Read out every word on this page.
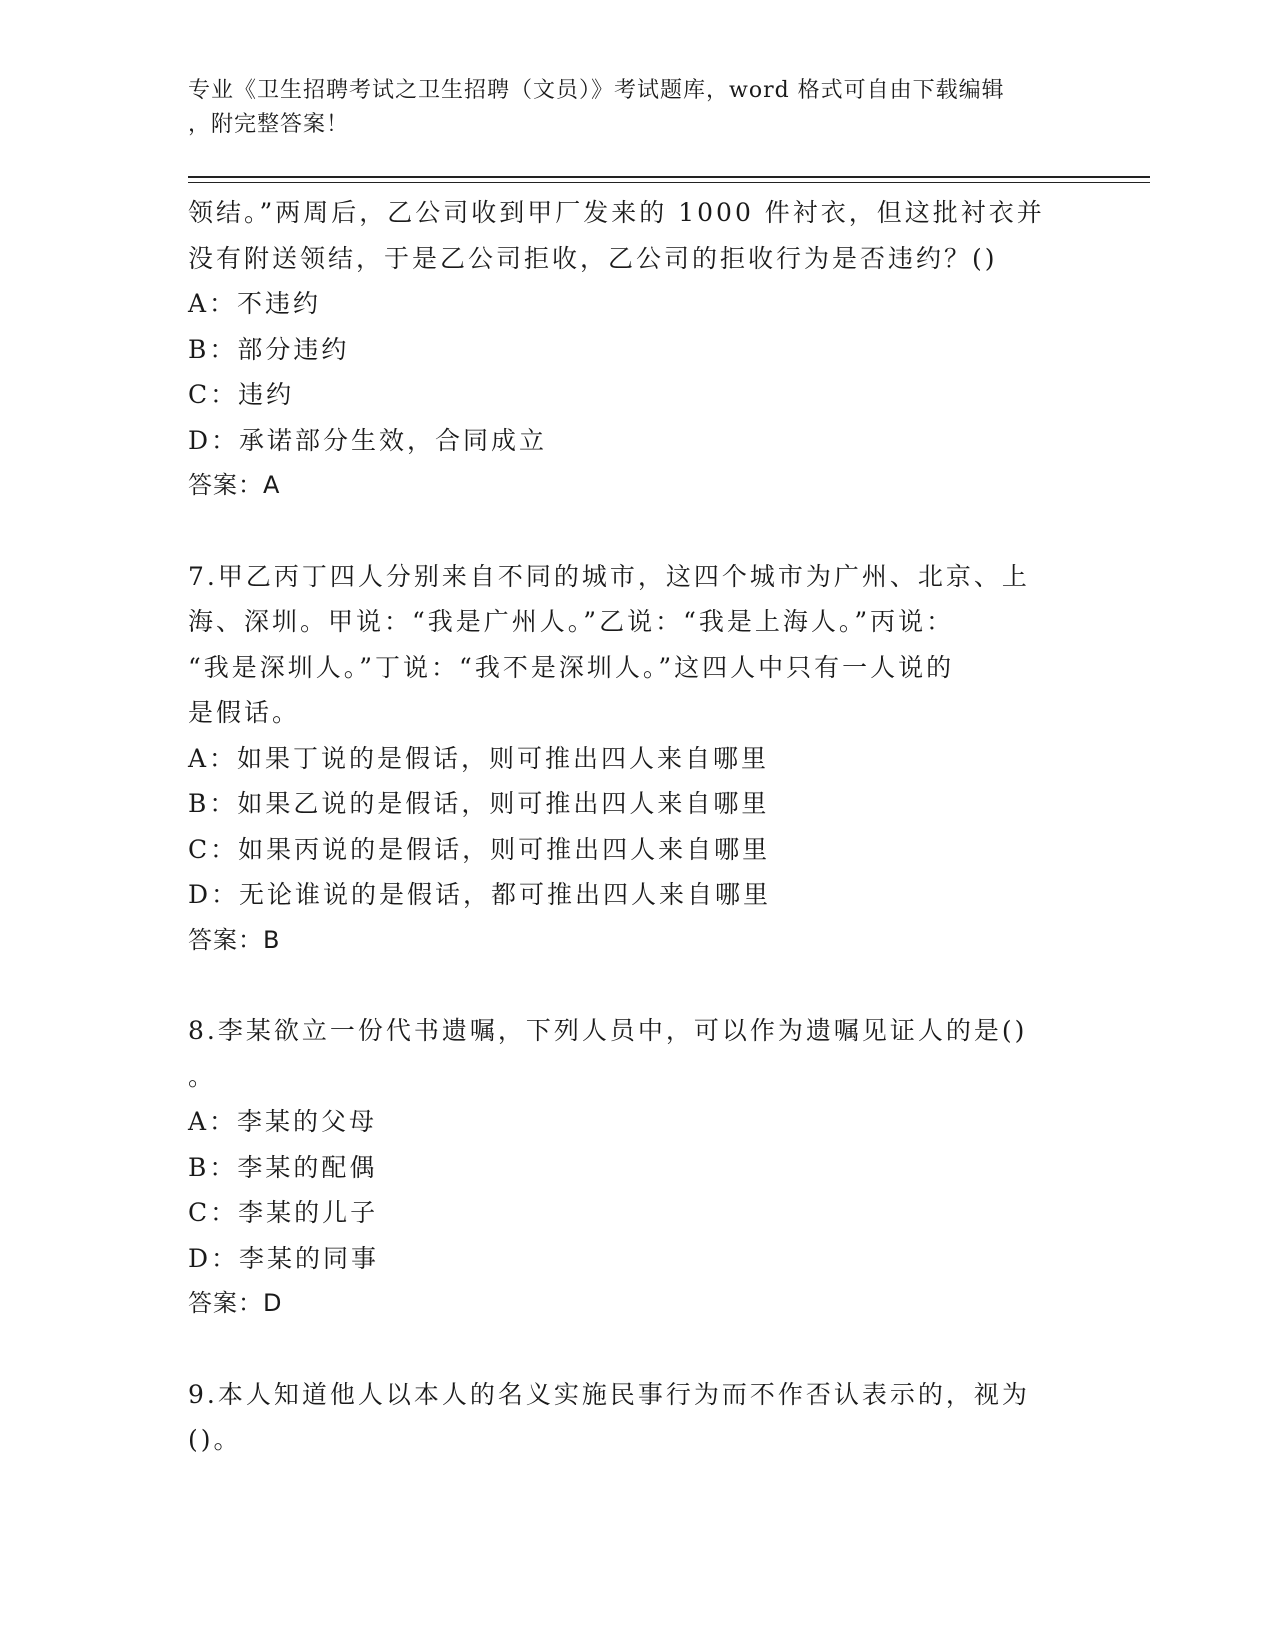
专业《卫生招聘考试之卫生招聘（文员）》考试题库，word 格式可自由下载编辑
，附完整答案！
领结。”两周后，乙公司收到甲厂发来的 1000 件衬衣，但这批衬衣并
没有附送领结，于是乙公司拒收，乙公司的拒收行为是否违约？()
A：不违约
B：部分违约
C：违约
D：承诺部分生效，合同成立
答案：A
7.甲乙丙丁四人分别来自不同的城市，这四个城市为广州、北京、上
海、深圳。甲说：“我是广州人。”乙说：“我是上海人。”丙说：
“我是深圳人。”丁说：“我不是深圳人。”这四人中只有一人说的
是假话。
A：如果丁说的是假话，则可推出四人来自哪里
B：如果乙说的是假话，则可推出四人来自哪里
C：如果丙说的是假话，则可推出四人来自哪里
D：无论谁说的是假话，都可推出四人来自哪里
答案：B
8.李某欲立一份代书遗嘱，下列人员中，可以作为遗嘱见证人的是()
。
A：李某的父母
B：李某的配偶
C：李某的儿子
D：李某的同事
答案：D
9.本人知道他人以本人的名义实施民事行为而不作否认表示的，视为
()。
